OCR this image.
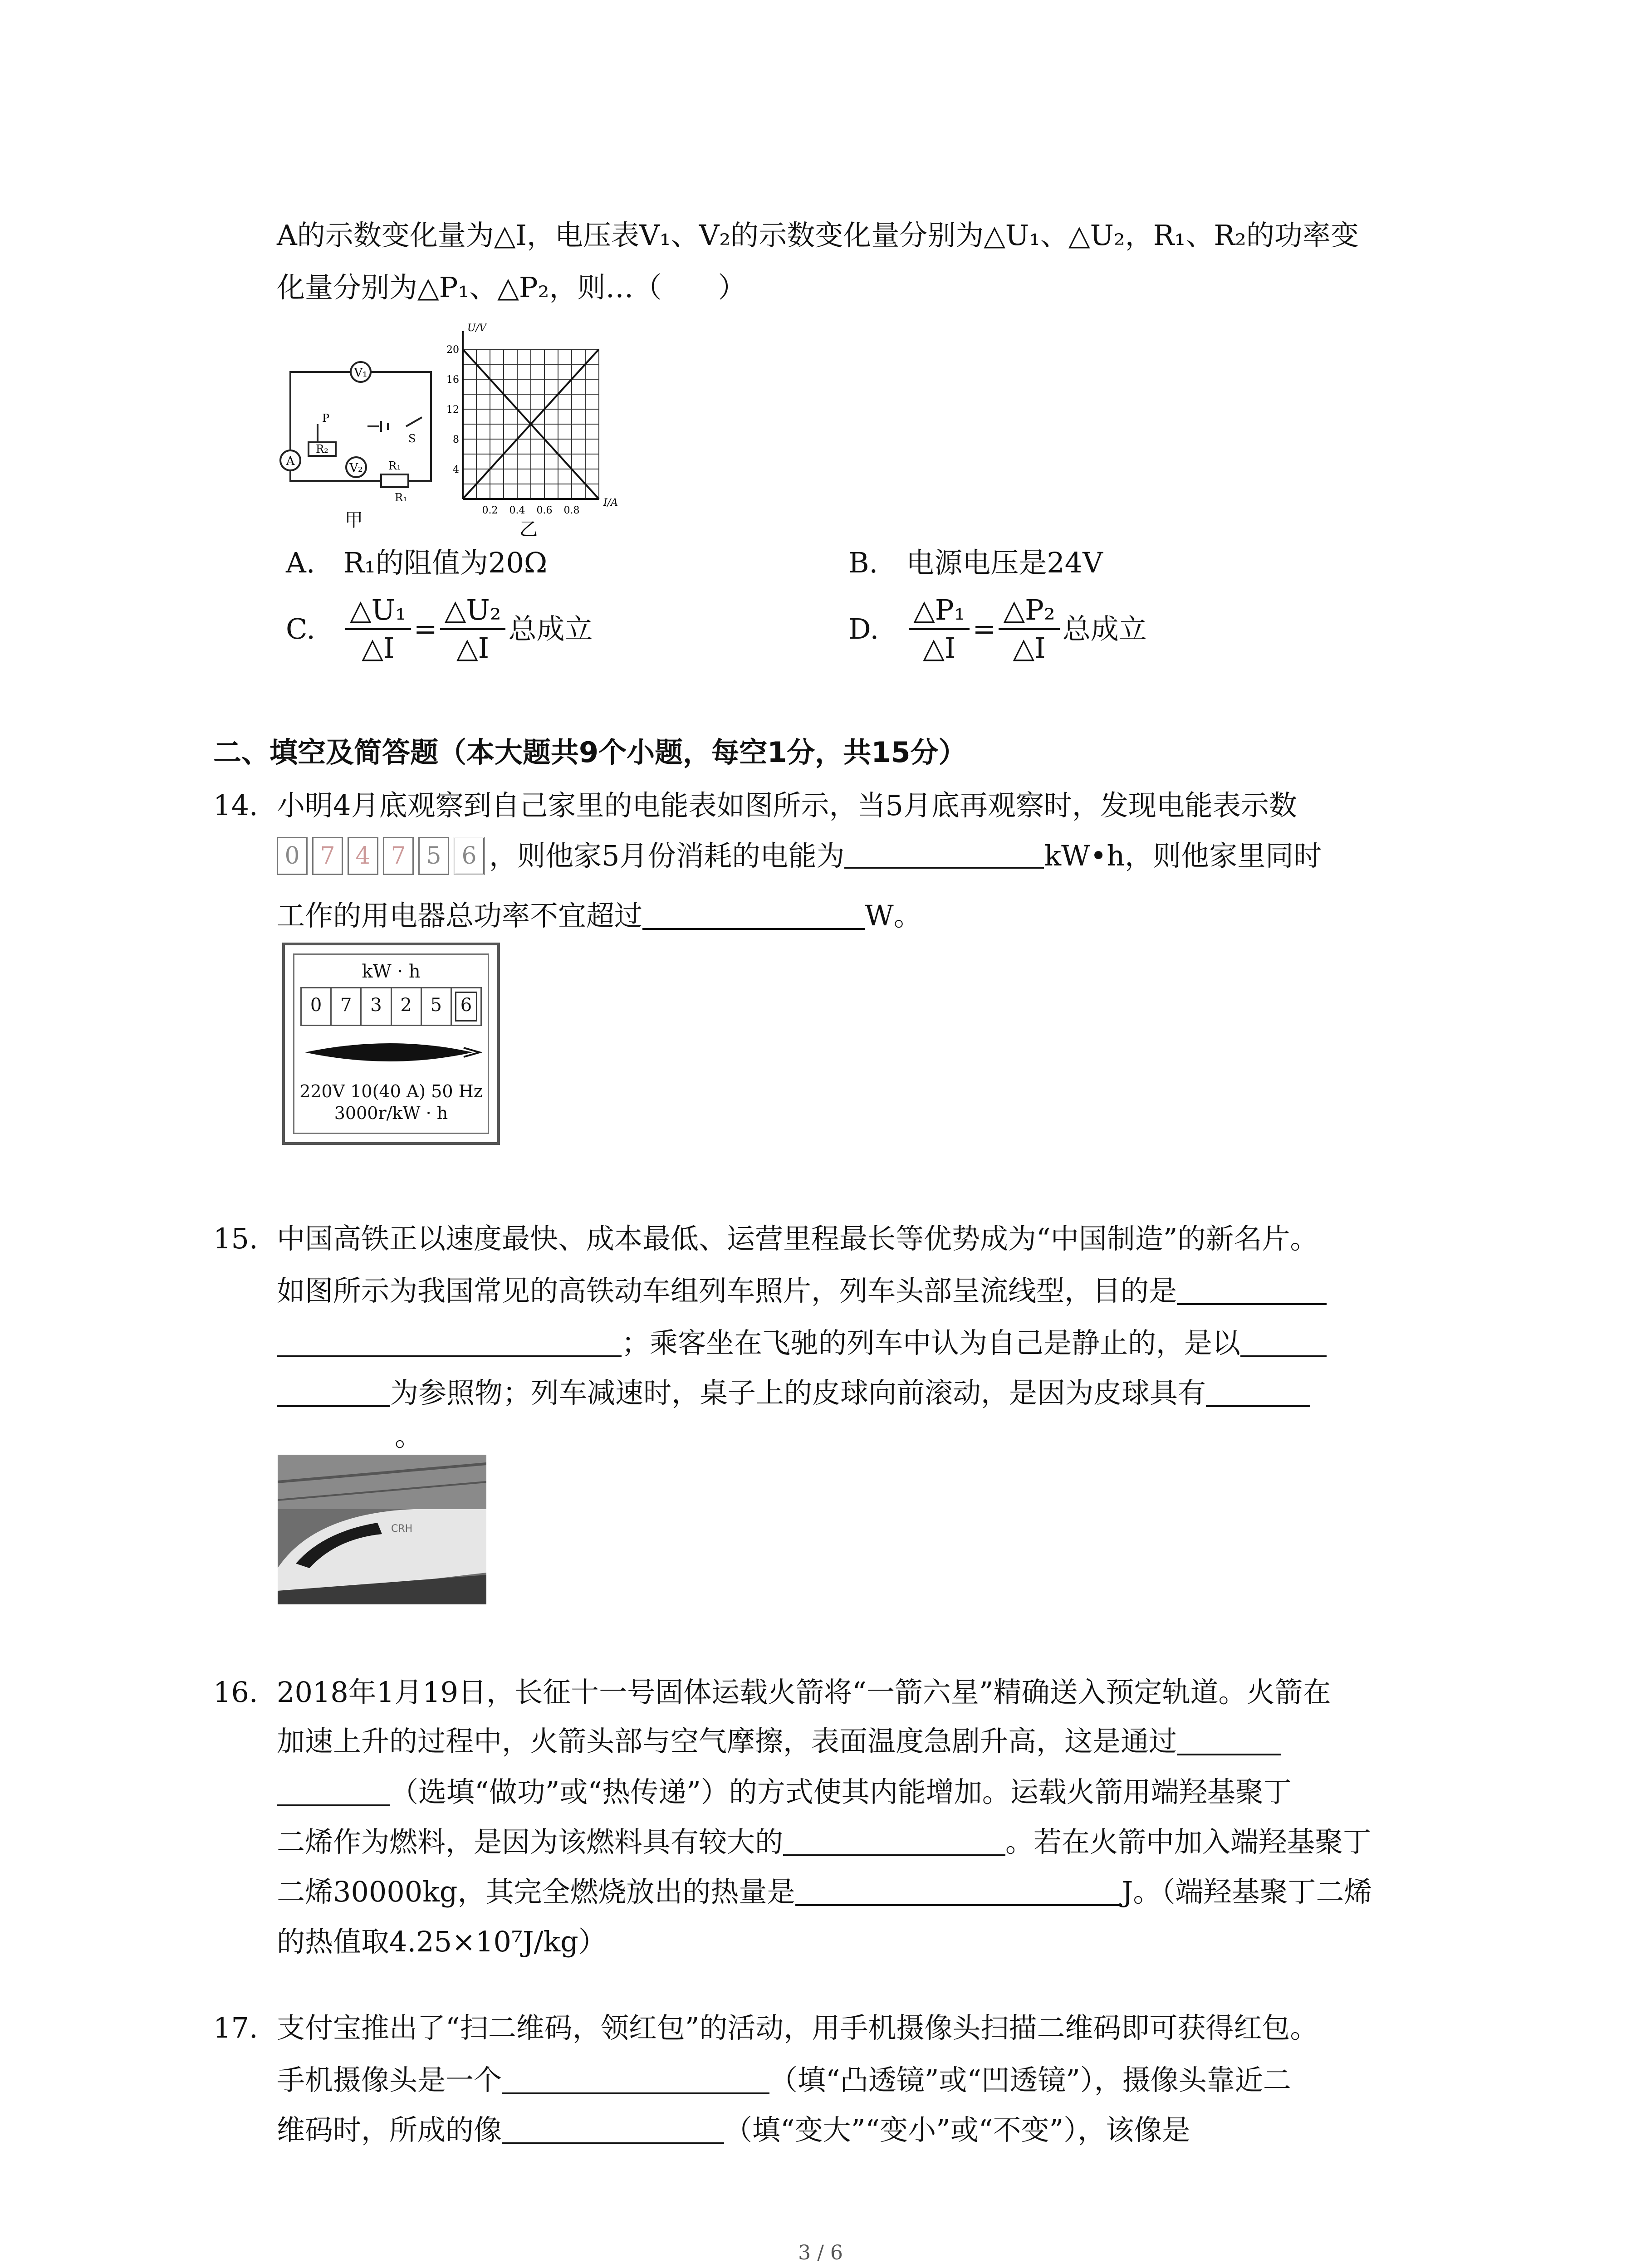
A的示数变化量为△I，电压表V₁、V₂的示数变化量分别为△U₁、△U₂，R₁、R₂的功率变
化量分别为△P₁、△P₂，则…（　　）
V₁
A	V₂
R₂
R₁
P
S
R₁
甲
U/V
I/A
20
16
12
8
4
0.2 0.4 0.6 0.8
乙
A.　R₁的阻值为20Ω	B.　电源电压是24V
C. $\frac{\text{△U₁}}{\triangle I} = \frac{\text{△U₂}}{\triangle I}$ 总成立	D. $\frac{\text{△P₁}}{\triangle I} = \frac{\text{△P₂}}{\triangle I}$ 总成立
二、填空及简答题（本大题共9个小题，每空1分，共15分）
14. 小明4月底观察到自己家里的电能表如图所示，当5月底再观察时，发现电能表示数
0 7 4 7 5 6 ，则他家5月份消耗的电能为	kW•h，则他家里同时
工作的用电器总功率不宜超过	W。
kW · h
0	7	3	2	5	6
220V 10(40 A) 50 Hz
3000r/kW · h
15. 中国高铁正以速度最快、成本最低、运营里程最长等优势成为“中国制造”的新名片。
如图所示为我国常见的高铁动车组列车照片，列车头部呈流线型，目的是
；乘客坐在飞驰的列车中认为自己是静止的，是以
为参照物；列车减速时，桌子上的皮球向前滚动，是因为皮球具有
。
CRH
16. 2018年1月19日，长征十一号固体运载火箭将“一箭六星”精确送入预定轨道。火箭在
加速上升的过程中，火箭头部与空气摩擦，表面温度急剧升高，这是通过
（选填“做功”或“热传递”）的方式使其内能增加。运载火箭用端羟基聚丁
二烯作为燃料，是因为该燃料具有较大的	。若在火箭中加入端羟基聚丁
二烯30000kg，其完全燃烧放出的热量是	J。（端羟基聚丁二烯
的热值取4.25×10⁷J/kg）
17. 支付宝推出了“扫二维码，领红包”的活动，用手机摄像头扫描二维码即可获得红包。
手机摄像头是一个	（填“凸透镜”或“凹透镜”），摄像头靠近二
维码时，所成的像	（填“变大”“变小”或“不变”），该像是
3 / 6
